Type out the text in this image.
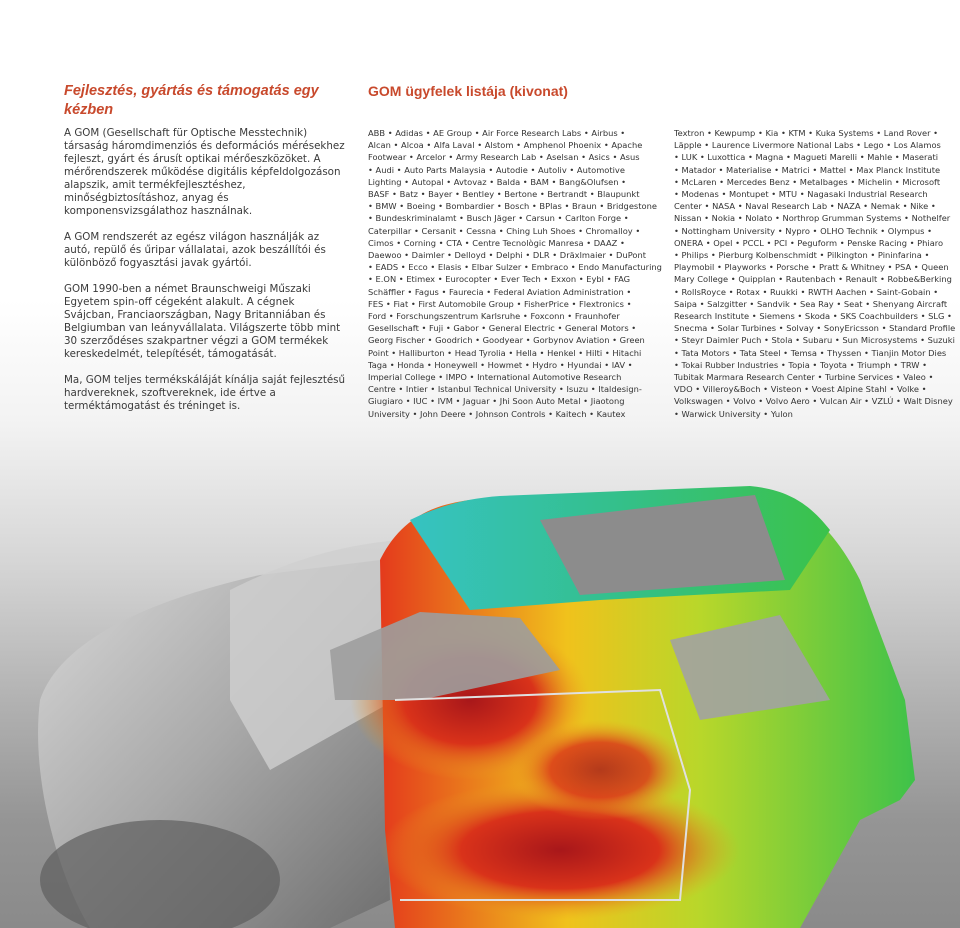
Fejlesztés, gyártás és támogatás egy kézben
GOM ügyfelek listája (kivonat)

A GOM (Gesellschaft für Optische Messtechnik) társaság háromdimenziós és deformációs mérésekhez fejleszt, gyárt és árusít optikai mérőeszközöket. A mérőrendszerek működése digitális képfeldolgozáson alapszik, amit termékfejlesztéshez, minőségbiztosításhoz, anyag és komponensvizsgálathoz használnak.

A GOM rendszerét az egész világon használják az autó, repülő és űripar vállalatai, azok beszállítói és különböző fogyasztási javak gyártói.

GOM 1990-ben a német Braunschweigi Műszaki Egyetem spin-off cégeként alakult. A cégnek Svájcban, Franciaországban, Nagy Britanniában és Belgiumban van leányvállalata. Világszerte több mint 30 szerződéses szakpartner végzi a GOM termékek kereskedelmét, telepítését, támogatását.

Ma, GOM teljes termékskáláját kínálja saját fejlesztésű hardvereknek, szoftvereknek, ide értve a terméktámogatást és tréninget is.

ABB • Adidas • AE Group • Air Force Research Labs • Airbus •
Alcan • Alcoa • Alfa Laval • Alstom • Amphenol Phoenix • Apache
Footwear • Arcelor • Army Research Lab • Aselsan • Asics • Asus
• Audi • Auto Parts Malaysia • Autodie • Autoliv • Automotive
Lighting • Autopal • Avtovaz • Balda • BAM • Bang&Olufsen •
BASF • Batz • Bayer • Bentley • Bertone • Bertrandt • Blaupunkt
• BMW • Boeing • Bombardier • Bosch • BPlas • Braun • Bridgestone
• Bundeskriminalamt • Busch Jäger • Carsun • Carlton Forge •
Caterpillar • Cersanit • Cessna • Ching Luh Shoes • Chromalloy •
Cimos • Corning • CTA • Centre Tecnològic Manresa • DAAZ •
Daewoo • Daimler • Delloyd • Delphi • DLR • Dräxlmaier • DuPont
• EADS • Ecco • Elasis • Elbar Sulzer • Embraco • Endo Manufacturing
• E.ON • Etimex • Eurocopter • Ever Tech • Exxon • Eybl • FAG
Schäffler • Fagus • Faurecia • Federal Aviation Administration •
FES • Fiat • First Automobile Group • FisherPrice • Flextronics •
Ford • Forschungszentrum Karlsruhe • Foxconn • Fraunhofer
Gesellschaft • Fuji • Gabor • General Electric • General Motors •
Georg Fischer • Goodrich • Goodyear • Gorbynov Aviation • Green
Point • Halliburton • Head Tyrolia • Hella • Henkel • Hilti • Hitachi
Taga • Honda • Honeywell • Howmet • Hydro • Hyundai • IAV •
Imperial College • IMPO • International Automotive Research
Centre • Intier • Istanbul Technical University • Isuzu • Italdesign-
Giugiaro • IUC • IVM • Jaguar • Jhi Soon Auto Metal • Jiaotong
University • John Deere • Johnson Controls • Kaitech • Kautex
Textron • Kewpump • Kia • KTM • Kuka Systems • Land Rover •
Läpple • Laurence Livermore National Labs • Lego • Los Alamos
• LUK • Luxottica • Magna • Magueti Marelli • Mahle • Maserati
• Matador • Materialise • Matrici • Mattel • Max Planck Institute
• McLaren • Mercedes Benz • Metalbages • Michelin • Microsoft
• Modenas • Montupet • MTU • Nagasaki Industrial Research
Center • NASA • Naval Research Lab • NAZA • Nemak • Nike •
Nissan • Nokia • Nolato • Northrop Grumman Systems • Nothelfer
• Nottingham University • Nypro • OLHO Technik • Olympus •
ONERA • Opel • PCCL • PCI • Peguform • Penske Racing • Phiaro
• Philips • Pierburg Kolbenschmidt • Pilkington • Pininfarina •
Playmobil • Playworks • Porsche • Pratt & Whitney • PSA • Queen
Mary College • Quipplan • Rautenbach • Renault • Robbe&Berking
• RollsRoyce • Rotax • Ruukki • RWTH Aachen • Saint-Gobain •
Saipa • Salzgitter • Sandvik • Sea Ray • Seat • Shenyang Aircraft
Research Institute • Siemens • Skoda • SKS Coachbuilders • SLG •
Snecma • Solar Turbines • Solvay • SonyEricsson • Standard Profile
• Steyr Daimler Puch • Stola • Subaru • Sun Microsystems • Suzuki
• Tata Motors • Tata Steel • Temsa • Thyssen • Tianjin Motor Dies
• Tokai Rubber Industries • Topia • Toyota • Triumph • TRW •
Tubitak Marmara Research Center • Turbine Services • Valeo •
VDO • Villeroy&Boch • Visteon • Voest Alpine Stahl • Volke •
Volkswagen • Volvo • Volvo Aero • Vulcan Air • VZLÚ • Walt Disney
• Warwick University • Yulon
